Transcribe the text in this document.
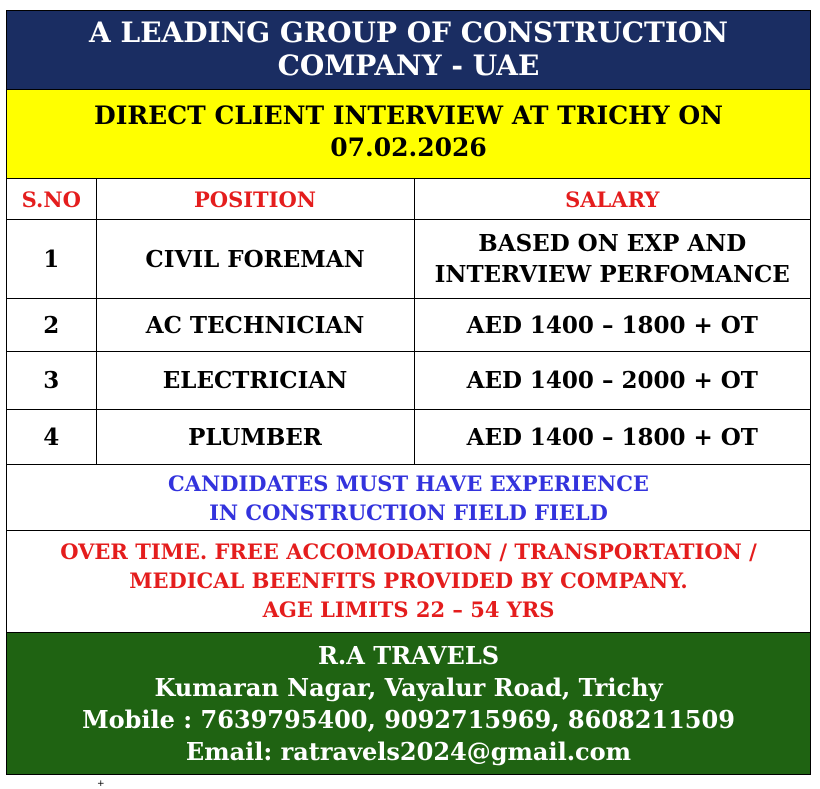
A LEADING GROUP OF CONSTRUCTION
COMPANY - UAE
DIRECT CLIENT INTERVIEW AT TRICHY ON
07.02.2026
S.NO	POSITION	SALARY
1	CIVIL FOREMAN	BASED ON EXP AND
INTERVIEW PERFOMANCE

2	AC TECHNICIAN	AED 1400 – 1800 + OT
3	ELECTRICIAN	AED 1400 – 2000 + OT
4	PLUMBER	AED 1400 – 1800 + OT
CANDIDATES MUST HAVE EXPERIENCE
IN CONSTRUCTION FIELD FIELD
OVER TIME. FREE ACCOMODATION / TRANSPORTATION /
MEDICAL BEENFITS PROVIDED BY COMPANY.
AGE LIMITS 22 – 54 YRS
R.A TRAVELS
Kumaran Nagar, Vayalur Road, Trichy
Mobile : 7639795400, 9092715969, 8608211509
Email: ratravels2024@gmail.com
+
